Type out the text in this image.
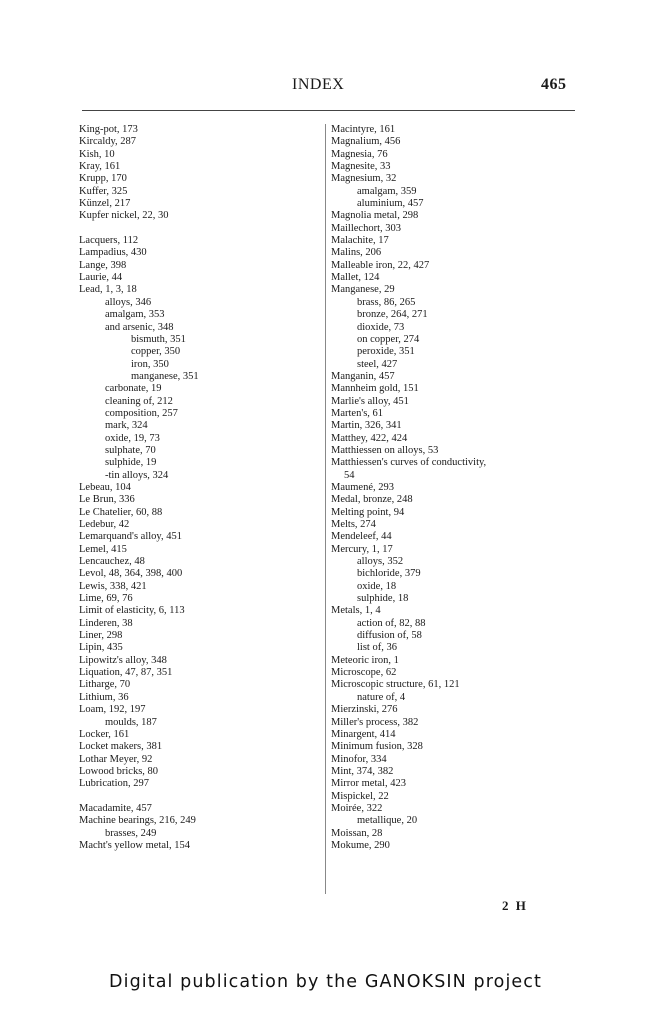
INDEX	465
King-pot, 173
Kircaldy, 287
Kish, 10
Kray, 161
Krupp, 170
Kuffer, 325
Künzel, 217
Kupfer nickel, 22, 30
Lacquers, 112
Lampadius, 430
Lange, 398
Laurie, 44
Lead, 1, 3, 18
alloys, 346
amalgam, 353
and arsenic, 348
bismuth, 351
copper, 350
iron, 350
manganese, 351
carbonate, 19
cleaning of, 212
composition, 257
mark, 324
oxide, 19, 73
sulphate, 70
sulphide, 19
-tin alloys, 324
Lebeau, 104
Le Brun, 336
Le Chatelier, 60, 88
Ledebur, 42
Lemarquand's alloy, 451
Lemel, 415
Lencauchez, 48
Levol, 48, 364, 398, 400
Lewis, 338, 421
Lime, 69, 76
Limit of elasticity, 6, 113
Linderen, 38
Liner, 298
Lipin, 435
Lipowitz's alloy, 348
Liquation, 47, 87, 351
Litharge, 70
Lithium, 36
Loam, 192, 197
moulds, 187
Locker, 161
Locket makers, 381
Lothar Meyer, 92
Lowood bricks, 80
Lubrication, 297
Macadamite, 457
Machine bearings, 216, 249
brasses, 249
Macht's yellow metal, 154
Macintyre, 161
Magnalium, 456
Magnesia, 76
Magnesite, 33
Magnesium, 32
amalgam, 359
aluminium, 457
Magnolia metal, 298
Maillechort, 303
Malachite, 17
Malins, 206
Malleable iron, 22, 427
Mallet, 124
Manganese, 29
brass, 86, 265
bronze, 264, 271
dioxide, 73
on copper, 274
peroxide, 351
steel, 427
Manganin, 457
Mannheim gold, 151
Marlie's alloy, 451
Marten's, 61
Martin, 326, 341
Matthey, 422, 424
Matthiessen on alloys, 53
Matthiessen's curves of conductivity,
54
Maumené, 293
Medal, bronze, 248
Melting point, 94
Melts, 274
Mendeleef, 44
Mercury, 1, 17
alloys, 352
bichloride, 379
oxide, 18
sulphide, 18
Metals, 1, 4
action of, 82, 88
diffusion of, 58
list of, 36
Meteoric iron, 1
Microscope, 62
Microscopic structure, 61, 121
nature of, 4
Mierzinski, 276
Miller's process, 382
Minargent, 414
Minimum fusion, 328
Minofor, 334
Mint, 374, 382
Mirror metal, 423
Mispickel, 22
Moirée, 322
metallique, 20
Moissan, 28
Mokume, 290
2 H
Digital publication by the GANOKSIN project
